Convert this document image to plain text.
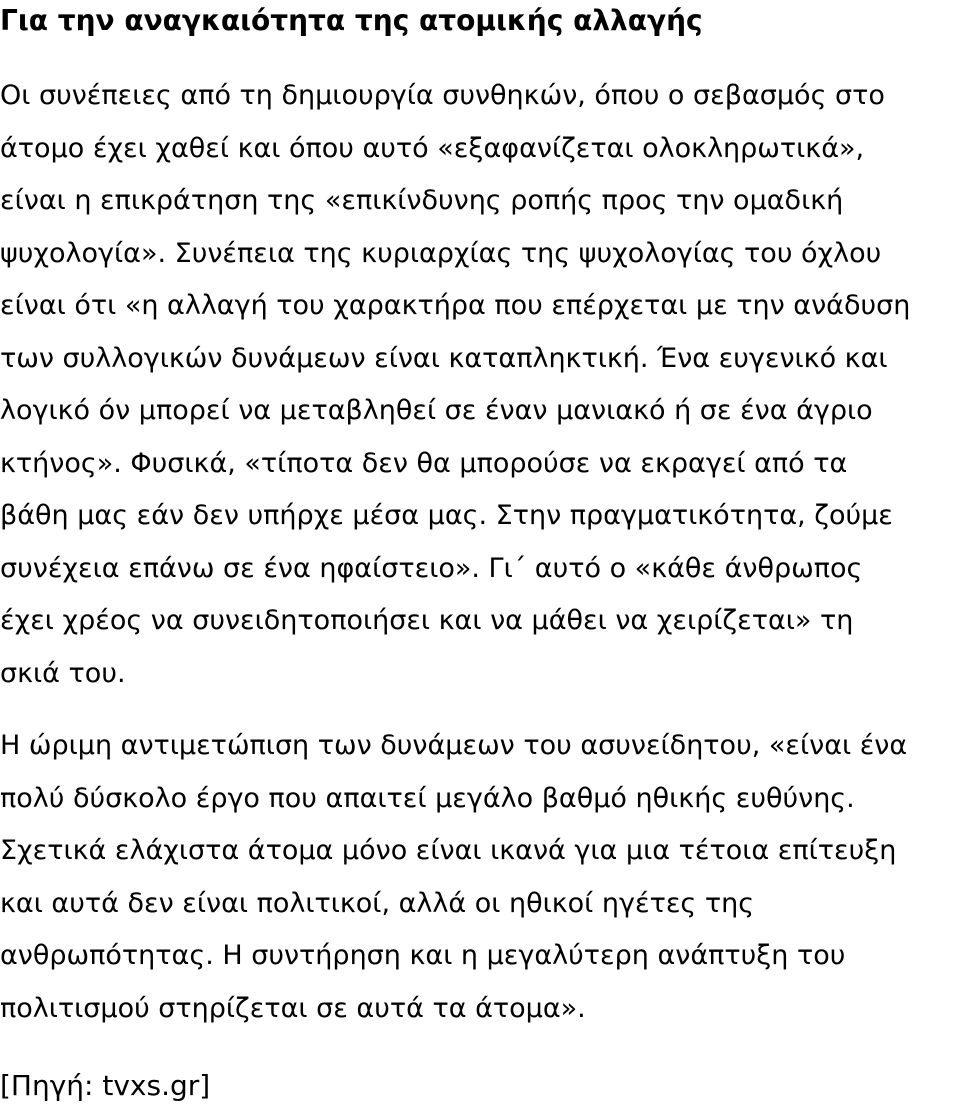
Για την αναγκαιότητα της ατομικής αλλαγής
Οι συνέπειες από τη δημιουργία συνθηκών, όπου ο σεβασμός στο
άτομο έχει χαθεί και όπου αυτό «εξαφανίζεται ολοκληρωτικά»,
είναι η επικράτηση της «επικίνδυνης ροπής προς την ομαδική
ψυχολογία». Συνέπεια της κυριαρχίας της ψυχολογίας του όχλου
είναι ότι «η αλλαγή του χαρακτήρα που επέρχεται με την ανάδυση
των συλλογικών δυνάμεων είναι καταπληκτική. Ένα ευγενικό και
λογικό όν μπορεί να μεταβληθεί σε έναν μανιακό ή σε ένα άγριο
κτήνος». Φυσικά, «τίποτα δεν θα μπορούσε να εκραγεί από τα
βάθη μας εάν δεν υπήρχε μέσα μας. Στην πραγματικότητα, ζούμε
συνέχεια επάνω σε ένα ηφαίστειο». Γι΄ αυτό ο «κάθε άνθρωπος
έχει χρέος να συνειδητοποιήσει και να μάθει να χειρίζεται» τη
σκιά του.
Η ώριμη αντιμετώπιση των δυνάμεων του ασυνείδητου, «είναι ένα
πολύ δύσκολο έργο που απαιτεί μεγάλο βαθμό ηθικής ευθύνης.
Σχετικά ελάχιστα άτομα μόνο είναι ικανά για μια τέτοια επίτευξη
και αυτά δεν είναι πολιτικοί, αλλά οι ηθικοί ηγέτες της
ανθρωπότητας. Η συντήρηση και η μεγαλύτερη ανάπτυξη του
πολιτισμού στηρίζεται σε αυτά τα άτομα».

[Πηγή: tvxs.gr]
